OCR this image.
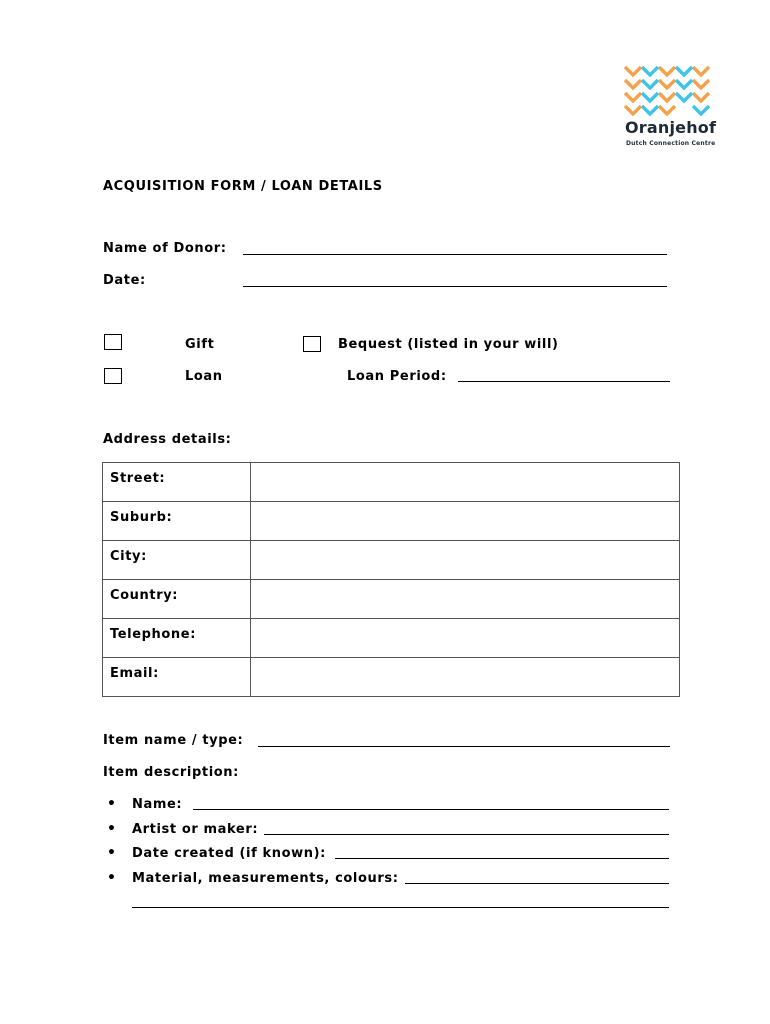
Oranjehof
Dutch Connection Centre
ACQUISITION FORM / LOAN DETAILS
Name of Donor:
Date:
Gift	Bequest (listed in your will)
Loan	Loan Period:
Address details:
Street:	
Suburb:	
City:	
Country:	
Telephone:	
Email:	
Item name / type:
Item description:
• Name:
• Artist or maker:
• Date created (if known):
• Material, measurements, colours:
